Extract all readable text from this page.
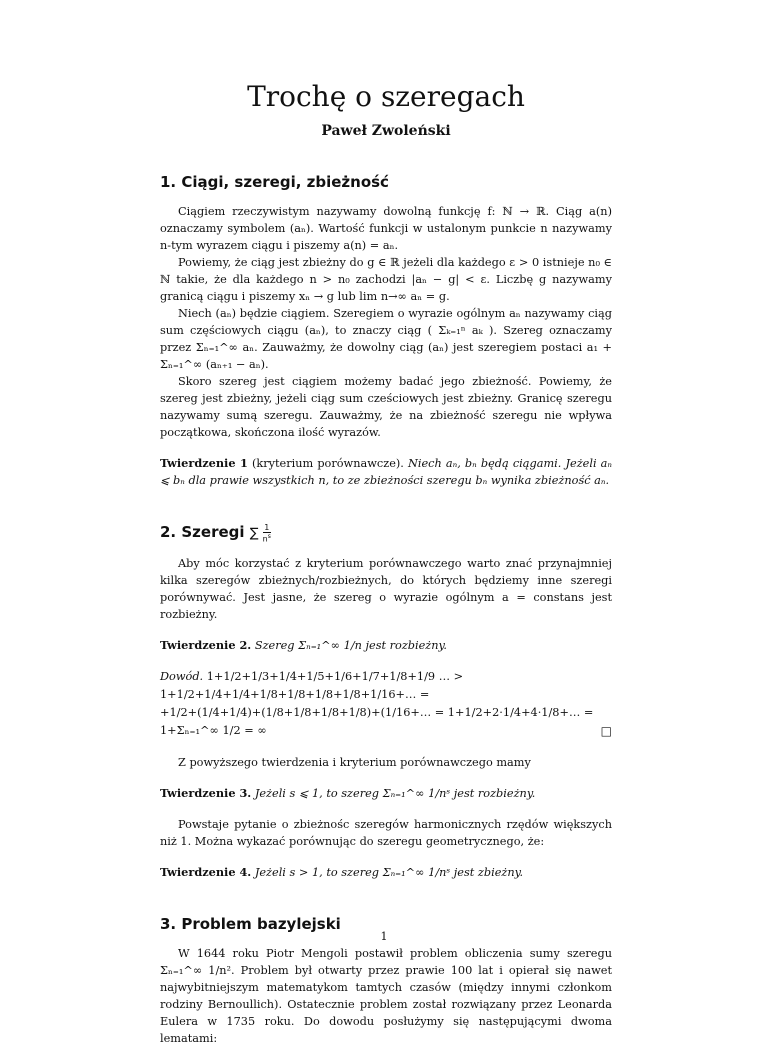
Trochę o szeregach
Paweł Zwoleński
1. Ciągi, szeregi, zbieżność

Ciągiem rzeczywistym nazywamy dowolną funkcję f: ℕ → ℝ. Ciąg a(n) oznaczamy symbolem (aₙ). Wartość funkcji w ustalonym punkcie n nazywamy n-tym wyrazem ciągu i piszemy a(n) = aₙ.

Powiemy, że ciąg jest zbieżny do g ∈ ℝ jeżeli dla każdego ε > 0 istnieje n₀ ∈ ℕ takie, że dla każdego n > n₀ zachodzi |aₙ − g| < ε. Liczbę g nazywamy granicą ciągu i piszemy xₙ → g lub lim n→∞ aₙ = g.

Niech (aₙ) będzie ciągiem. Szeregiem o wyrazie ogólnym aₙ nazywamy ciąg sum częściowych ciągu (aₙ), to znaczy ciąg ( Σₖ₌₁ⁿ aₖ ). Szereg oznaczamy przez Σₙ₌₁^∞ aₙ. Zauważmy, że dowolny ciąg (aₙ) jest szeregiem postaci a₁ + Σₙ₌₁^∞ (aₙ₊₁ − aₙ).

Skoro szereg jest ciągiem możemy badać jego zbieżność. Powiemy, że szereg jest zbieżny, jeżeli ciąg sum cześciowych jest zbieżny. Granicę szeregu nazywamy sumą szeregu. Zauważmy, że na zbieżność szeregu nie wpływa początkowa, skończona ilość wyrazów.

Twierdzenie 1 (kryterium porównawcze). Niech aₙ, bₙ będą ciągami. Jeżeli aₙ ⩽ bₙ dla prawie wszystkich n, to ze zbieżności szeregu bₙ wynika zbieżność aₙ.
2. Szeregi ∑ $\frac{1}{n^s}$

Aby móc korzystać z kryterium porównawczego warto znać przynajmniej kilka szeregów zbieżnych/rozbieżnych, do których będziemy inne szeregi porównywać. Jest jasne, że szereg o wyrazie ogólnym a = constans jest rozbieżny.

Twierdzenie 2. Szereg Σₙ₌₁^∞ 1/n jest rozbieżny.
Dowód. 1+1/2+1/3+1/4+1/5+1/6+1/7+1/8+1/9 … > 1+1/2+1/4+1/4+1/8+1/8+1/8+1/8+1/16+… =
+1/2+(1/4+1/4)+(1/8+1/8+1/8+1/8)+(1/16+… = 1+1/2+2·1/4+4·1/8+… = 1+Σₙ₌₁^∞ 1/2 = ∞	□

Z powyższego twierdzenia i kryterium porównawczego mamy

Twierdzenie 3. Jeżeli s ⩽ 1, to szereg Σₙ₌₁^∞ 1/nˢ jest rozbieżny.

Powstaje pytanie o zbieżnośc szeregów harmonicznych rzędów większych niż 1. Można wykazać porównując do szeregu geometrycznego, że:

Twierdzenie 4. Jeżeli s > 1, to szereg Σₙ₌₁^∞ 1/nˢ jest zbieżny.
3. Problem bazylejski

W 1644 roku Piotr Mengoli postawił problem obliczenia sumy szeregu Σₙ₌₁^∞ 1/n². Problem był otwarty przez prawie 100 lat i opierał się nawet najwybitniejszym matematykom tamtych czasów (między innymi członkom rodziny Bernoullich). Ostatecznie problem został rozwiązany przez Leonarda Eulera w 1735 roku. Do dowodu posłużymy się następującymi dwoma lematami:

1
